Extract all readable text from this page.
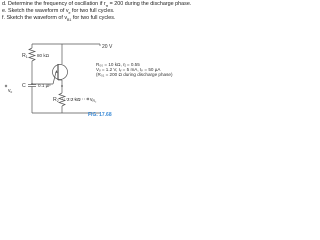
d. Determine the frequency of oscillation if $r_\pi = 200$ during the discharge phase.
e. Sketch the waveform of $v_e$ for two full cycles.
f. Sketch the waveform of $v_{B1}$ for two full cycles.
20 V
R₀₀ = 10 kΩ, η = 0.55
Vᵥ = 1.2 V, Iᵥ = 5 mA, Iₚ = 50 µA
(R₀₁ = 200 Ω during discharge phase)
R1 80 kΩ
C	0.1 µF
$v_c$
R2 2.2 kΩ $v_{R_2}$
FIG. 17.68
